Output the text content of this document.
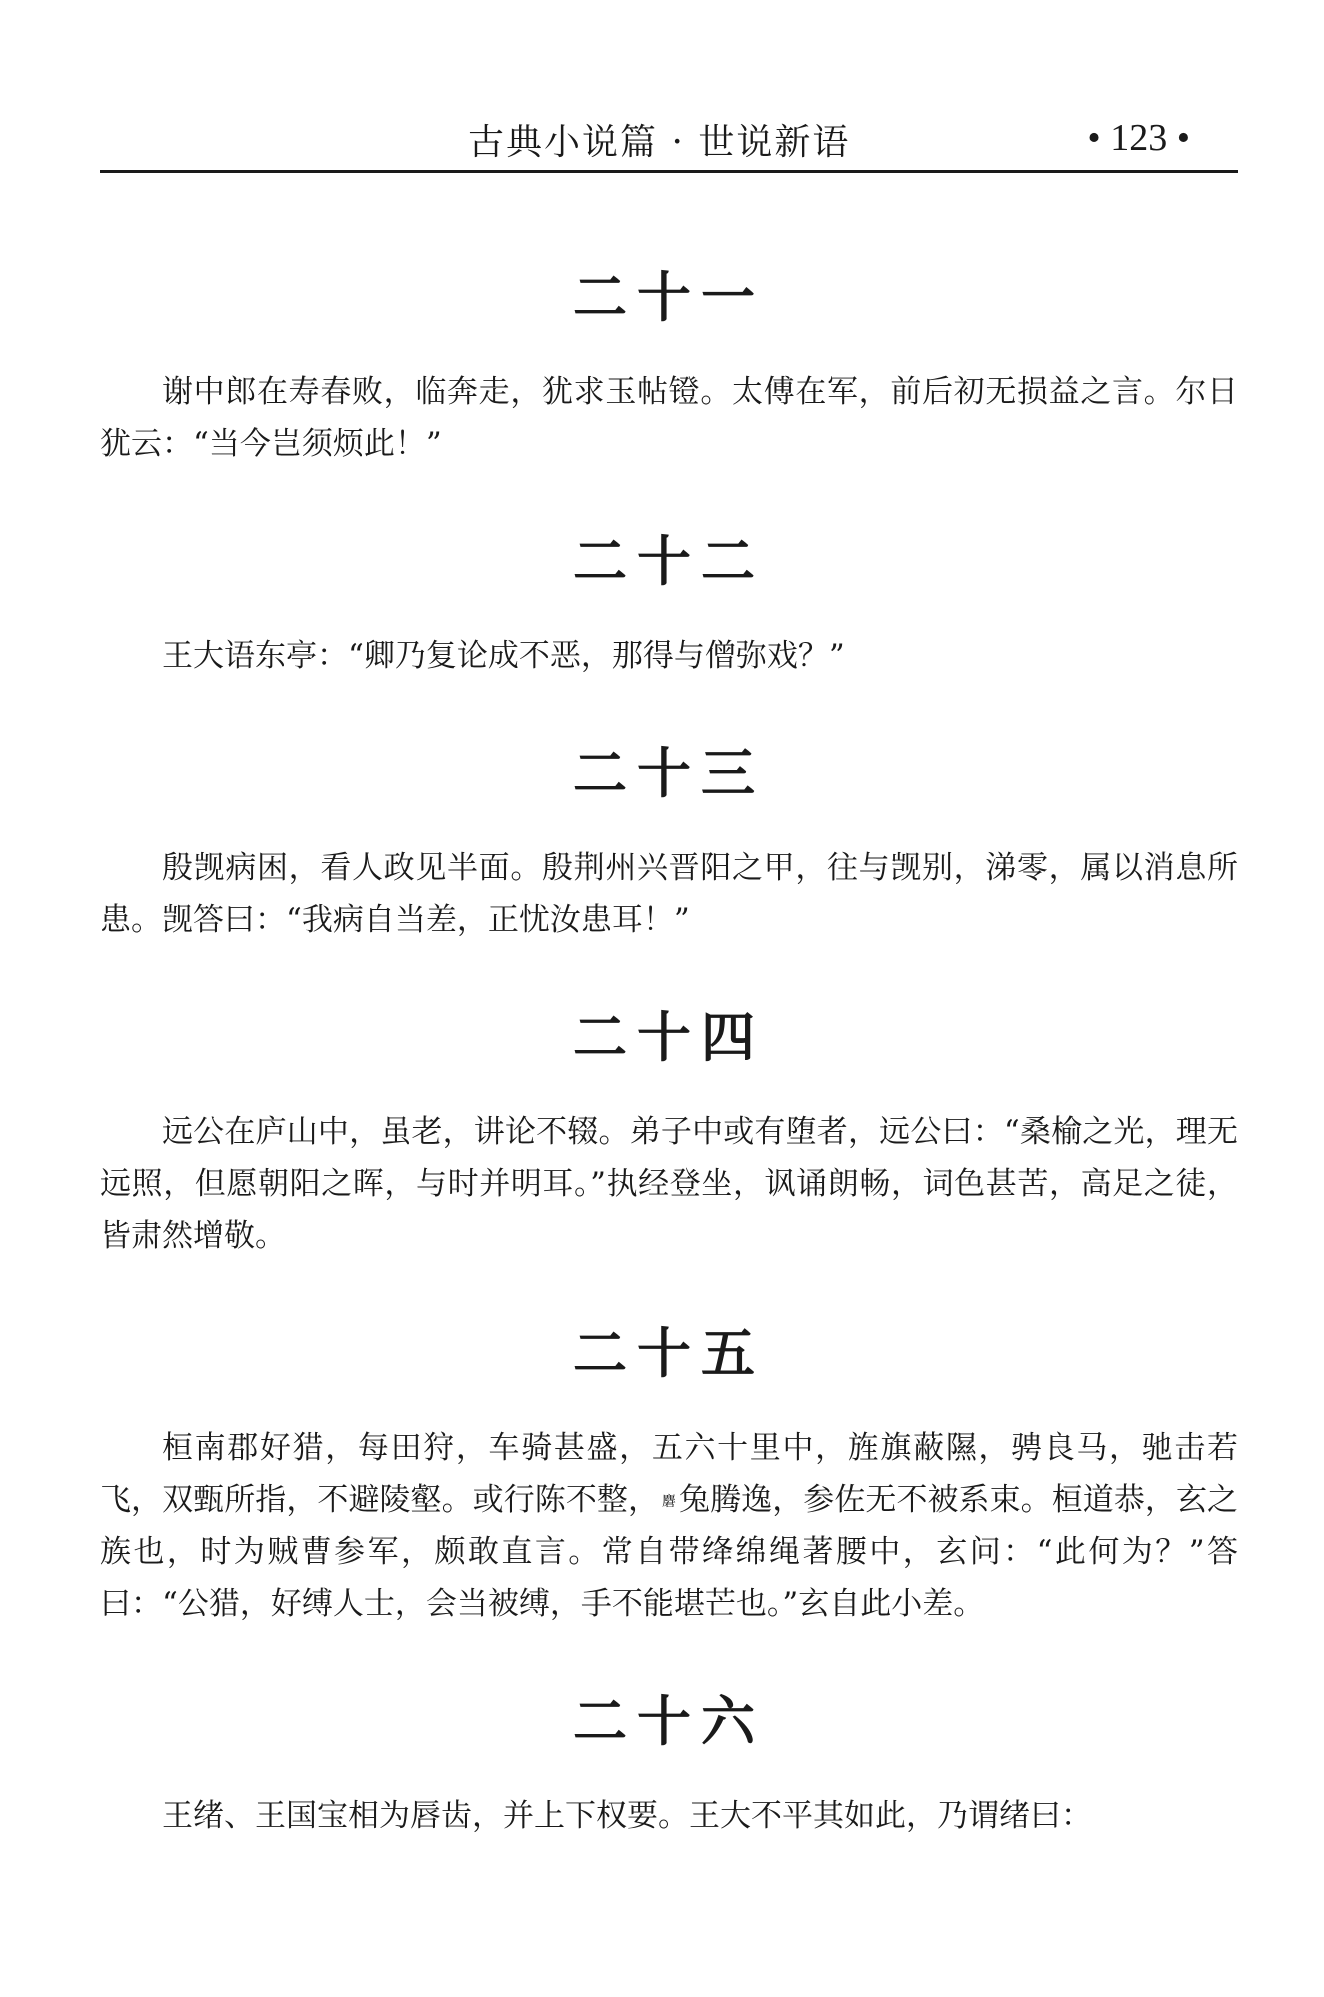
古典小说篇 · 世说新语	• 123 •
二十一

谢中郎在寿春败，临奔走，犹求玉帖镫。太傅在军，前后初无损益之言。尔日犹云：“当今岂须烦此！”

二十二

王大语东亭：“卿乃复论成不恶，那得与僧弥戏？”

二十三

殷觊病困，看人政见半面。殷荆州兴晋阳之甲，往与觊别，涕零，属以消息所患。觊答曰：“我病自当差，正忧汝患耳！”

二十四

远公在庐山中，虽老，讲论不辍。弟子中或有堕者，远公曰：“桑榆之光，理无远照，但愿朝阳之晖，与时并明耳。”执经登坐，讽诵朗畅，词色甚苦，高足之徒，皆肃然增敬。

二十五

桓南郡好猎，每田狩，车骑甚盛，五六十里中，旌旗蔽隰，骋良马，驰击若飞，双甄所指，不避陵壑。或行陈不整， 麏兔腾逸，参佐无不被系束。桓道恭，玄之族也，时为贼曹参军，颇敢直言。常自带绛绵绳著腰中，玄问：“此何为？”答曰：“公猎，好缚人士，会当被缚，手不能堪芒也。”玄自此小差。

二十六

王绪、王国宝相为唇齿，并上下权要。王大不平其如此，乃谓绪曰：
